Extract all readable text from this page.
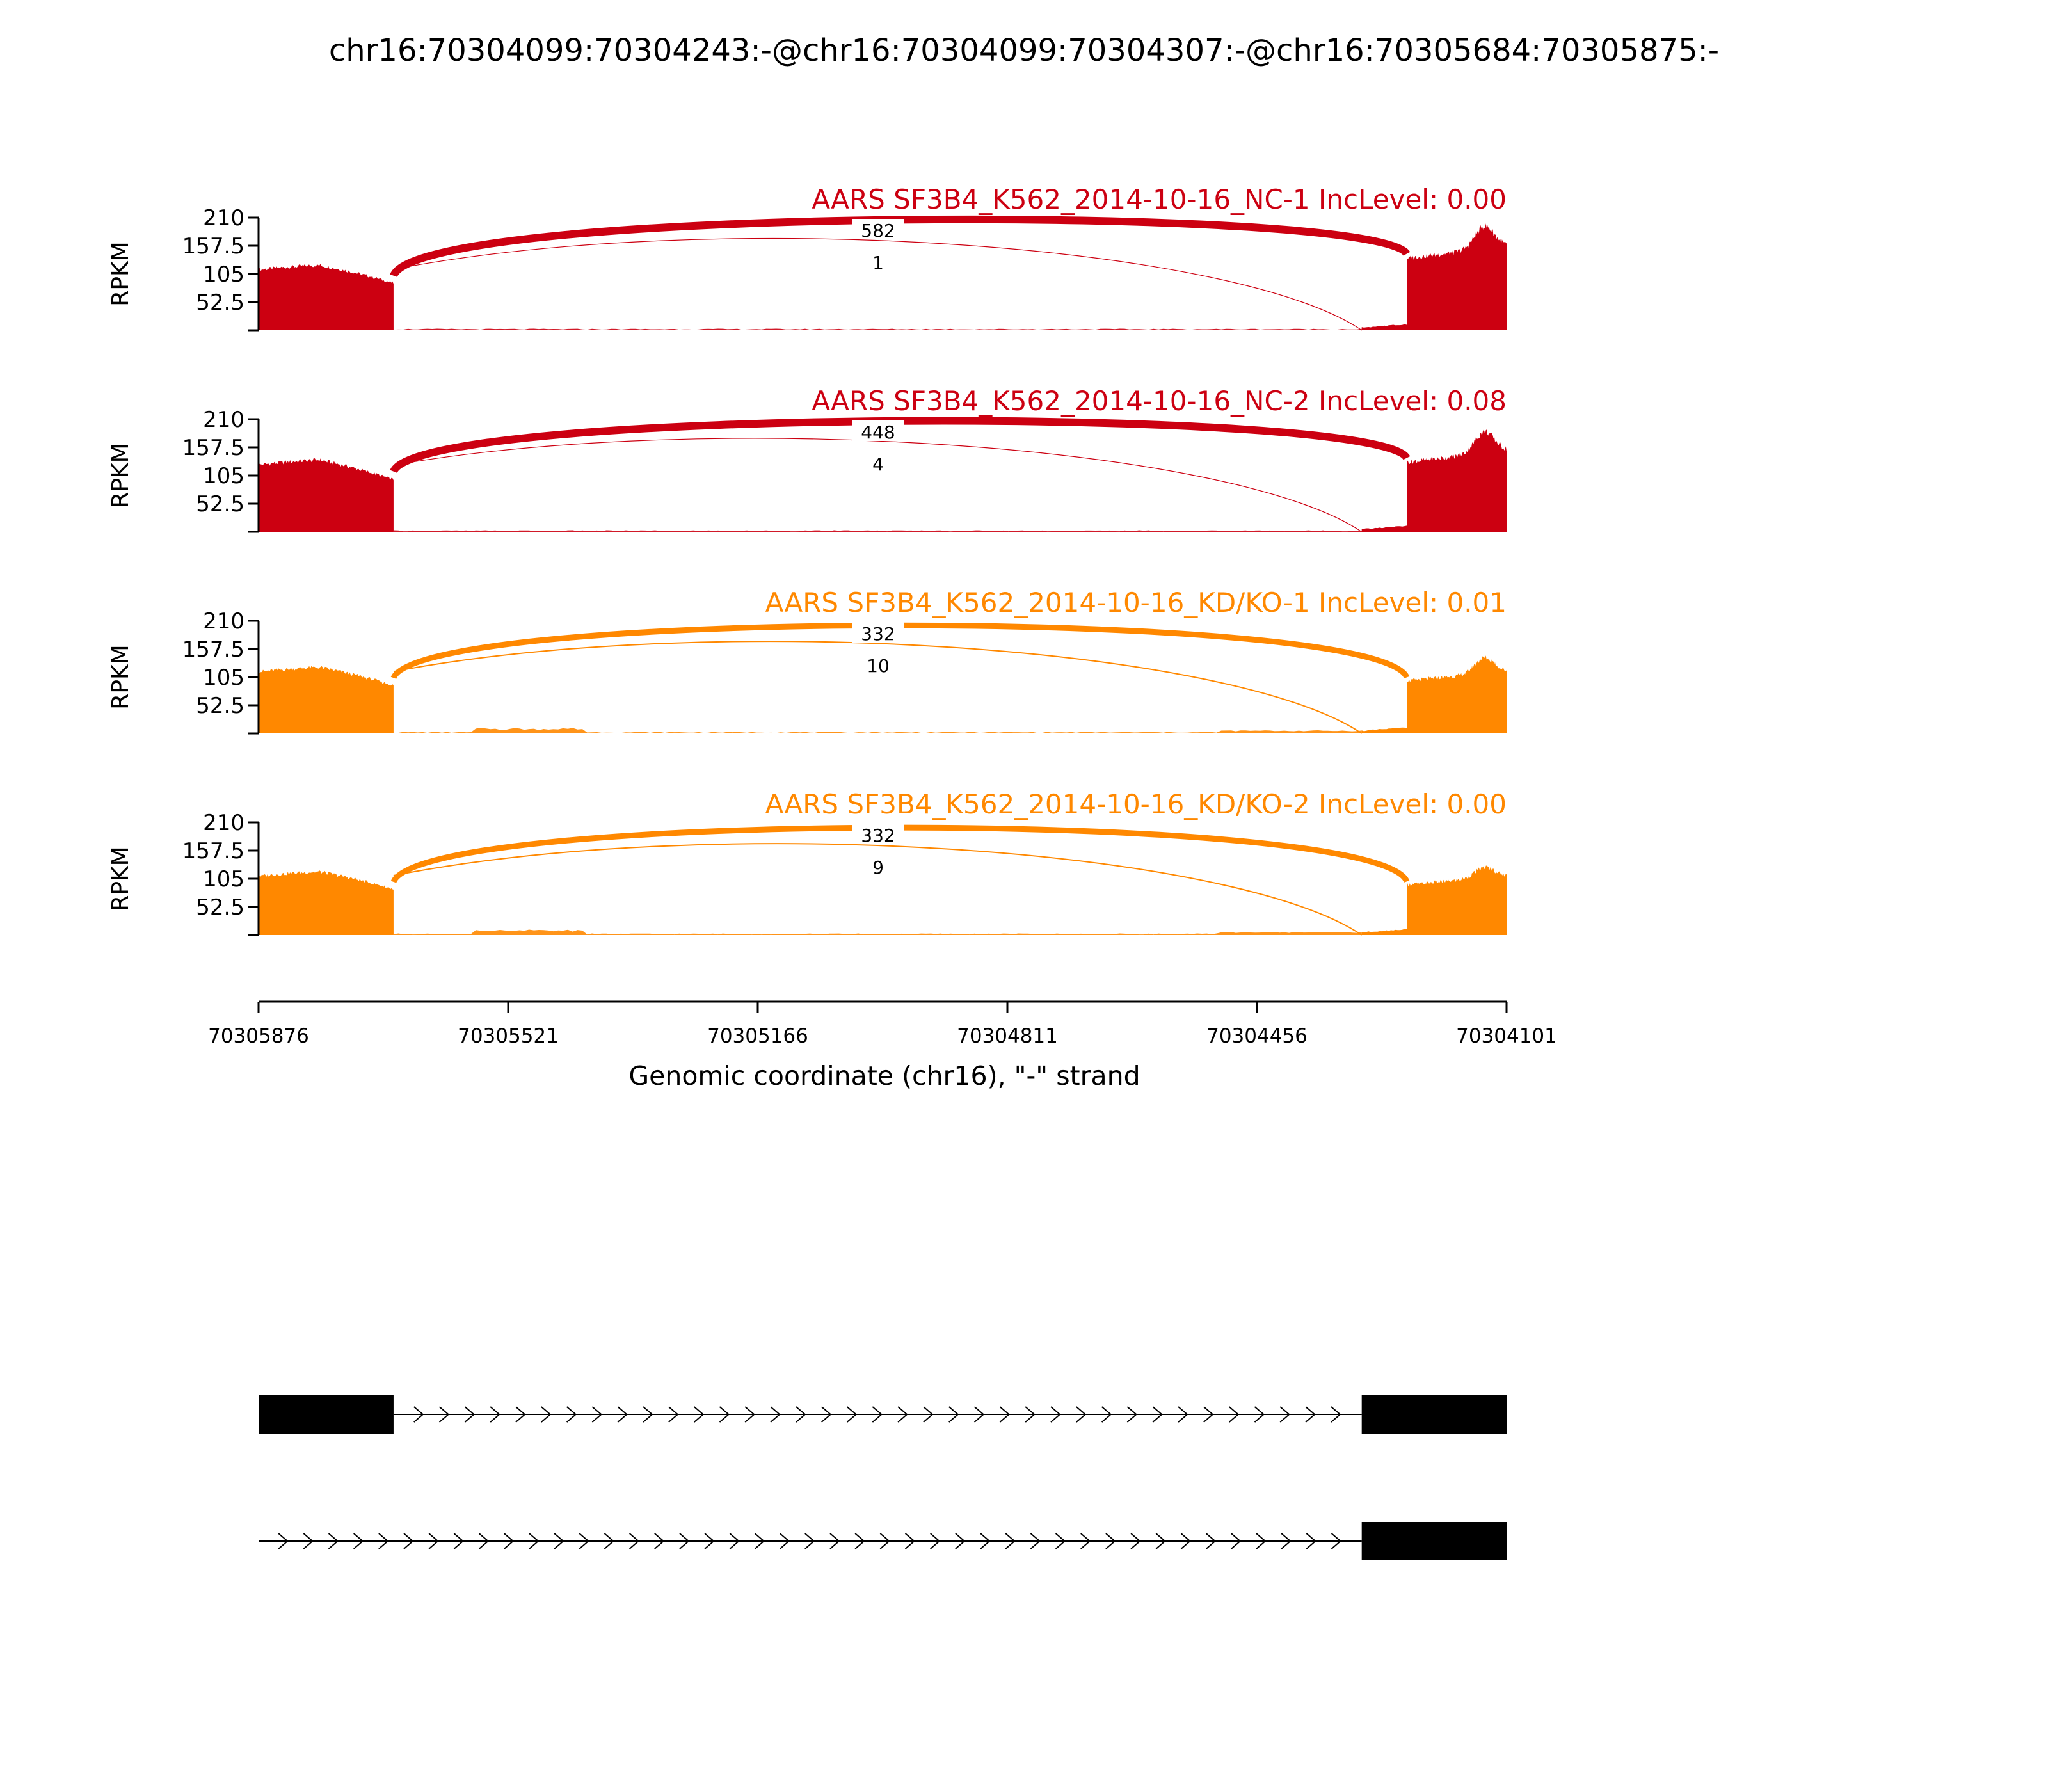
chr16:70304099:70304243:-@chr16:70304099:70304307:-@chr16:70305684:70305875:-
582
1
AARS SF3B4_K562_2014-10-16_NC-1 IncLevel: 0.00
210
157.5
105
52.5
RPKM
448
4
AARS SF3B4_K562_2014-10-16_NC-2 IncLevel: 0.08
210
157.5
105
52.5
RPKM
332
10
AARS SF3B4_K562_2014-10-16_KD/KO-1 IncLevel: 0.01
210
157.5
105
52.5
RPKM
332
9
AARS SF3B4_K562_2014-10-16_KD/KO-2 IncLevel: 0.00
210
157.5
105
52.5
RPKM
70305876	70305521	70305166	70304811	70304456	70304101
Genomic coordinate (chr16), "-" strand
